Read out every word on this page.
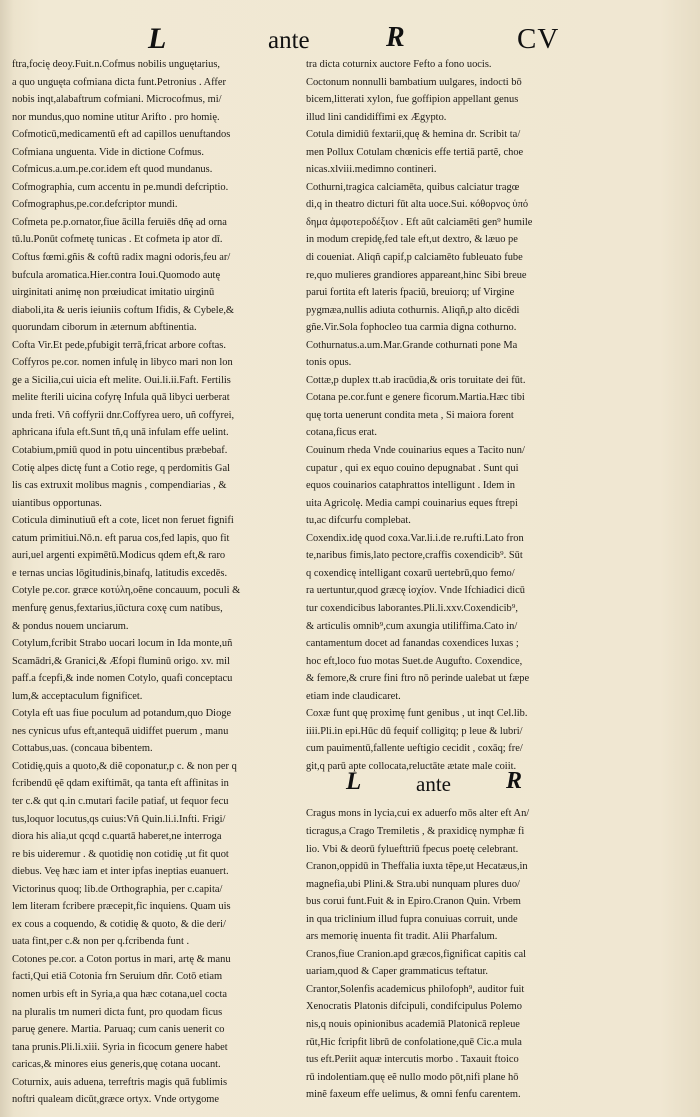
L	ante	R	CV
ftra,focię deoy.Fuit.n.Cofmus nobilis unguętarius,
a quo unguęta cofmiana dicta funt.Petronius . Affer
nobis inqt,alabaftrum cofmiani. Microcofmus, mi/
nor mundus,quo nomine utitur Arifto . pro homię.
Cofmoticū,medicamentū eft ad capillos uenuftandos
Cofmiana unguenta. Vide in dictione Cofmus.
Cofmicus.a.um.pe.cor.idem eft quod mundanus.
Cofmographia, cum accentu in pe.mundi defcriptio.
Cofmographus,pe.cor.defcriptor mundi.
Cofmeta pe.p.ornator,fiue ācilla feruiēs dñę ad orna
tū.lu.Ponūt cofmetę tunicas . Et cofmeta ip ator dī.
Coftus fœmi.gñis & coftū radix magni odoris,feu ar/
bufcula aromatica.Hier.contra Ioui.Quomodo autę
uirginitati animę non prœiudicat imitatio uirginū
diaboli,ita & ueris ieiuniis coftum Ifidis, & Cybele,&
quorundam ciborum in æternum abftinentia.
Cofta Vir.Et pede,pfubigit terrā,fricat arbore coftas.
Coffyros pe.cor. nomen infulę in libyco mari non lon
ge a Sicilia,cui uicia eft melite. Oui.li.ii.Faft. Fertilis
melite fterili uicina cofyrę Infula quā libyci uerberat
unda freti. Vñ coffyrii dnr.Coffyrea uero, uñ coffyrei,
aphricana ifula eft.Sunt tñ,q unā infulam effe uelint.
Cotabium,pmiū quod in potu uincentibus præbebaf.
Cotię alpes dictę funt a Cotio rege, q perdomitis Gal
lis cas extruxit molibus magnis , compendiarias , &
uiantibus opportunas.
Coticula diminutiuū eft a cote, licet non feruet fignifi
catum primitiui.Nō.n. eft parua cos,fed lapis, quo fit
auri,uel argenti expimētū.Modicus qdem eft,& raro
e ternas uncias lōgitudinis,binafq, latitudis excedēs.
Cotyle pe.cor. græce κοτύλη,oẽne concauum, poculi &
menfurę genus,fextarius,iūctura coxę cum natibus,
& pondus nouem unciarum.
Cotylum,fcribit Strabo uocari locum in Ida monte,uñ
Scamādri,& Granici,& Æfopi fluminū origo. xv. mil
paff.a fcepfi,& inde nomen Cotylo, quafi conceptacu
lum,& acceptaculum fignificet.
Cotyla eft uas fiue poculum ad potandum,quo Dioge
nes cynicus ufus eft,antequā uidiffet puerum , manu
Cottabus,uas. (concaua bibentem.
Cotidię,quis a quoto,& diẽ coponatur,p c. & non per q
fcribendū ęẽ qdam exiftimāt, qa tanta eft affinitas in
ter c.& qut q.in c.mutari facile patiaf, ut fequor fecu
tus,loquor locutus,qs cuius:Vñ Quin.li.i.Infti. Frigi/
diora his alia,ut qcqd c.quartā haberet,ne interroga
re bis uideremur . & quotidię non cotidię ,ut fit quot
diebus. Veę hæc iam et inter ipfas ineptias euanuert.
Victorinus quoq; lib.de Orthographia, per c.capita/
lem literam fcribere præcepit,fic inquiens. Quam uis
ex cous a coquendo, & cotidię & quoto, & die deri/
uata fint,per c.& non per q.fcribenda funt .
Cotones pe.cor. a Coton portus in mari, artę & manu
facti,Qui etiā Cotonia frn Seruium dñr. Cotō etiam
nomen urbis eft in Syria,a qua hæc cotana,uel cocta
na pluralis tm numeri dicta funt, pro quodam ficus
paruę genere. Martia. Paruaq; cum canis uenerit co
tana prunis.Pli.li.xiii. Syria in ficocum genere habet
caricas,& minores eius generis,quę cotana uocant.
Coturnix, auis aduena, terreftris magis quā fublimis
noftri qualeam dicūt,græce ortyx. Vnde ortygome
tra dicta coturnix auctore Fefto a fono uocis.
Coctonum nonnulli bambatium uulgares, indocti bō
bicem,litterati xylon, fue goffipion appellant genus
illud lini candidiffimi ex Ægypto.
Cotula dimidiū fextarii,quę & hemina dr. Scribit ta/
men Pollux Cotulam chœnicis effe tertiā partẽ, choe
nicas.xlviii.medimno contineri.
Cothurni,tragica calciamēta, quibus calciatur tragœ
di,q in theatro dicturi fūt alta uoce.Sui. κόθορνος ὑπό
δημα ἀμφοτεροδέξιον . Eft aūt calciamēti gen⁹ humile
in modum crepidę,fed tale eft,ut dextro, & læuo pe
di coueniat. Aliqñ capif,p calciamēto fubleuato fube
re,quo mulieres grandiores appareant,hinc Sibi breue
parui fortita eft lateris fpaciū, breuiorq; uf Virgine
pygmæa,nullis adiuta cothurnis. Aliqñ,p alto dicēdi
gñe.Vir.Sola fophocleo tua carmia digna cothurno.
Cothurnatus.a.um.Mar.Grande cothurnati pone Ma
tonis opus.
Cottæ,p duplex tt.ab iracūdia,& oris toruitate dei fūt.
Cotana pe.cor.funt e genere ficorum.Martia.Hæc tibi
quę torta uenerunt condita meta , Si maiora forent
cotana,ficus erat.
Couinum rheda Vnde couinarius eques a Tacito nun/
cupatur , qui ex equo couino depugnabat . Sunt qui
equos couinarios cataphrattos intelligunt . Idem in
uita Agricolę. Media campi couinarius eques ftrepi
tu,ac difcurfu complebat.
Coxendix.idę quod coxa.Var.li.i.de re.rufti.Lato fron
te,naribus fimis,lato pectore,craffis coxendicib⁹. Sūt
q coxendicę intelligant coxarū uertebrū,quo femo/
ra uertuntur,quod græcę ἰσχίον. Vnde Ifchiadici dicū
tur coxendicibus laborantes.Pli.li.xxv.Coxendicib⁹,
& articulis omnib⁹,cum axungia utiliffima.Cato in/
cantamentum docet ad fanandas coxendices luxas ;
hoc eft,loco fuo motas Suet.de Augufto. Coxendice,
& femore,& crure fini ftro nō perinde ualebat ut fæpe
etiam inde claudicaret.
Coxæ funt quę proximę funt genibus , ut inqt Cel.lib.
iiii.Pli.in epi.Hūc dū fequif colligitq; p leue & lubri/
cum pauimentū,fallente ueftigio cecidit , coxāq; fre/
git,q parū apte collocata,reluctāte ætate male coiit.
L	ante R
Cragus mons in lycia,cui ex aduerfo mōs alter eft An/
ticragus,a Crago Tremiletis , & praxidicę nymphæ fi
lio. Vbi & deorū fyluefttriū fpecus poetę celebrant.
Cranon,oppidū in Theffalia iuxta tẽpe,ut Hecatæus,in
magnefia,ubi Plini.& Stra.ubi nunquam plures duo/
bus corui funt.Fuit & in Epiro.Cranon Quin. Vrbem
in qua triclinium illud fupra conuiuas corruit, unde
ars memorię inuenta fit tradit. Alii Pharfalum.
Cranos,fiue Cranion.apd græcos,fignificat capitis cal
uariam,quod & Caper grammaticus teftatur.
Crantor,Solenfis academicus philofoph⁹, auditor fuit
Xenocratis Platonis difcipuli, condifcipulus Polemo
nis,q nouis opinionibus academiā Platonicā repleue
rūt,Hic fcripfit librū de confolatione,quē Cic.a mula
tus eft.Periit aquæ intercutis morbo . Taxauit ftoico
rū indolentiam.quę eẽ nullo modo pōt,nifi plane hō
minẽ faxeum effe uelimus, & omni fenfu carentem.
